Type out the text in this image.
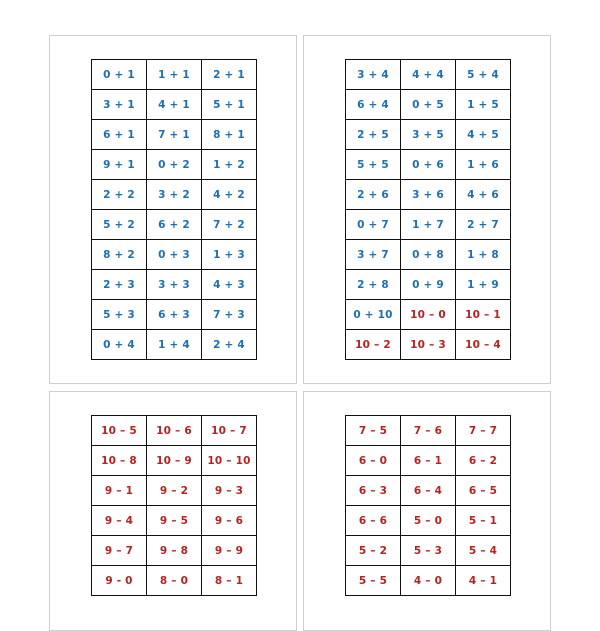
0 + 1	1 + 1	2 + 1
3 + 1	4 + 1	5 + 1
6 + 1	7 + 1	8 + 1
9 + 1	0 + 2	1 + 2
2 + 2	3 + 2	4 + 2
5 + 2	6 + 2	7 + 2
8 + 2	0 + 3	1 + 3
2 + 3	3 + 3	4 + 3
5 + 3	6 + 3	7 + 3
0 + 4	1 + 4	2 + 4
3 + 4	4 + 4	5 + 4
6 + 4	0 + 5	1 + 5
2 + 5	3 + 5	4 + 5
5 + 5	0 + 6	1 + 6
2 + 6	3 + 6	4 + 6
0 + 7	1 + 7	2 + 7
3 + 7	0 + 8	1 + 8
2 + 8	0 + 9	1 + 9
0 + 10	10 – 0	10 – 1
10 – 2	10 – 3	10 – 4
10 – 5	10 – 6	10 – 7
10 – 8	10 – 9	10 – 10
9 – 1	9 – 2	9 – 3
9 – 4	9 – 5	9 – 6
9 – 7	9 – 8	9 – 9
9 - 0	8 – 0	8 – 1
7 – 5	7 – 6	7 – 7
6 – 0	6 – 1	6 – 2
6 – 3	6 – 4	6 – 5
6 – 6	5 – 0	5 – 1
5 – 2	5 – 3	5 – 4
5 – 5	4 – 0	4 – 1
